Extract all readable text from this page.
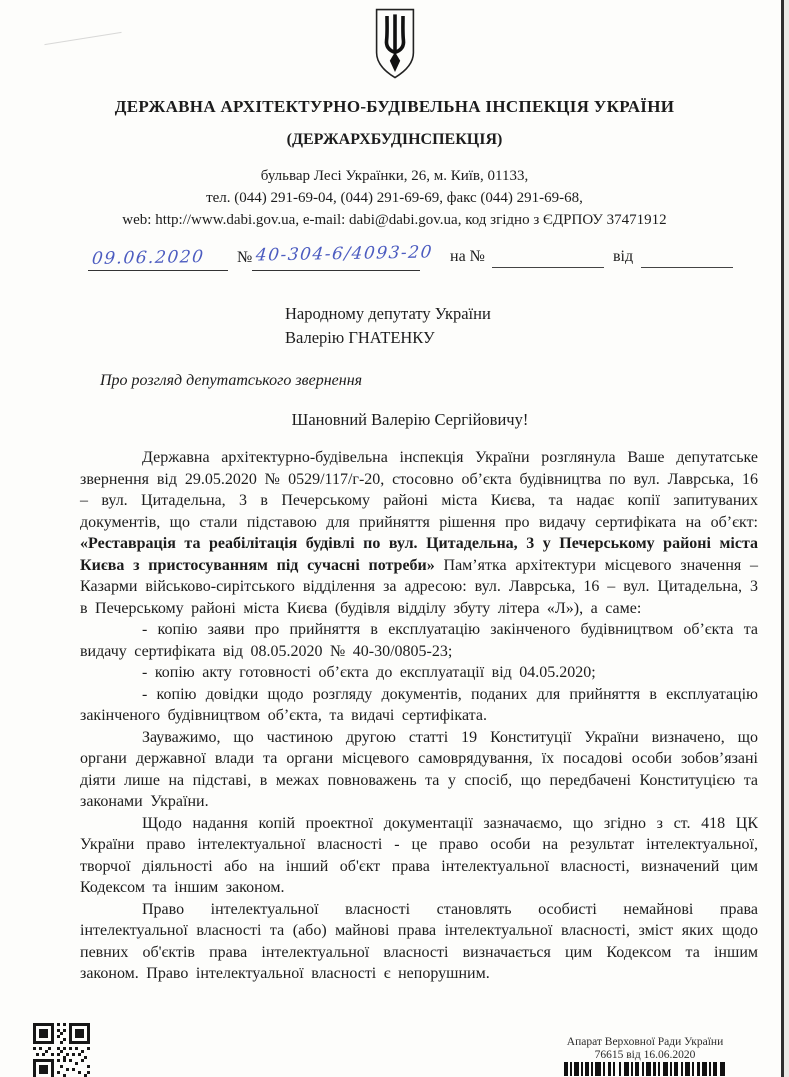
ДЕРЖАВНА АРХІТЕКТУРНО-БУДІВЕЛЬНА ІНСПЕКЦІЯ УКРАЇНИ
(ДЕРЖАРХБУДІНСПЕКЦІЯ)
бульвар Лесі Українки, 26, м. Київ, 01133,
тел. (044) 291-69-04, (044) 291-69-69, факс (044) 291-69-68,
web: http://www.dabi.gov.ua, e-mail: dabi@dabi.gov.ua, код згідно з ЄДРПОУ 37471912
09.06.2020 № 40-304-6/4093-20 на №	від
Народному депутату України
Валерію ГНАТЕНКУ
Про розгляд депутатського звернення
Шановний Валерію Сергійовичу!

Державна архітектурно-будівельна інспекція України розглянула Ваше депутатське звернення від 29.05.2020 № 0529/117/г-20, стосовно об’єкта будівництва по вул. Лаврська, 16 – вул. Цитадельна, 3 в Печерському районі міста Києва, та надає копії запитуваних документів, що стали підставою для прийняття рішення про видачу сертифіката на об’єкт: «Реставрація та реабілітація будівлі по вул. Цитадельна, 3 у Печерському районі міста Києва з пристосуванням під сучасні потреби» Пам’ятка архітектури місцевого значення – Казарми військово-сирітського відділення за адресою: вул. Лаврська, 16 – вул. Цитадельна, 3 в Печерському районі міста Києва (будівля відділу збуту літера «Л»), а саме:

- копію заяви про прийняття в експлуатацію закінченого будівництвом об’єкта та видачу сертифіката від 08.05.2020 № 40-30/0805-23;

- копію акту готовності об’єкта до експлуатації від 04.05.2020;

- копію довідки щодо розгляду документів, поданих для прийняття в експлуатацію закінченого будівництвом об’єкта, та видачі сертифіката.

Зауважимо, що частиною другою статті 19 Конституції України визначено, що органи державної влади та органи місцевого самоврядування, їх посадові особи зобов’язані діяти лише на підставі, в межах повноважень та у спосіб, що передбачені Конституцією та законами України.

Щодо надання копій проектної документації зазначаємо, що згідно з ст. 418 ЦК України право інтелектуальної власності - це право особи на результат інтелектуальної, творчої діяльності або на інший об'єкт права інтелектуальної власності, визначений цим Кодексом та іншим законом.

Право інтелектуальної власності становлять особисті немайнові права інтелектуальної власності та (або) майнові права інтелектуальної власності, зміст яких щодо певних об'єктів права інтелектуальної власності визначається цим Кодексом та іншим законом. Право інтелектуальної власності є непорушним.

Апарат Верховної Ради України
76615 від 16.06.2020
